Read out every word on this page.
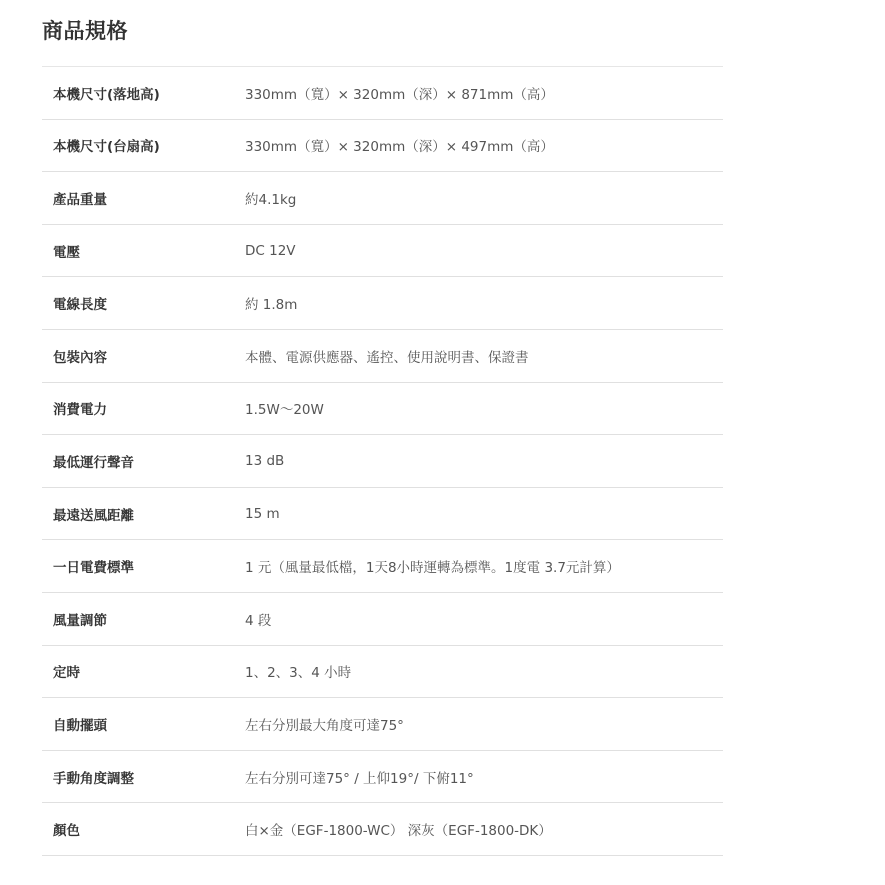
商品規格
本機尺寸(落地高)	330mm（寬）× 320mm（深）× 871mm（高）
本機尺寸(台扇高)	330mm（寬）× 320mm（深）× 497mm（高）
產品重量	約4.1kg
電壓	DC 12V
電線長度	約 1.8m
包裝內容	本體、電源供應器、遙控、使用說明書、保證書
消費電力	1.5W～20W
最低運行聲音	13 dB
最遠送風距離	15 m
一日電費標準	1 元（風量最低檔，1天8小時運轉為標準。1度電 3.7元計算）
風量調節	4 段
定時	1、2、3、4 小時
自動擺頭	左右分別最大角度可達75°
手動角度調整	左右分別可達75° / 上仰19°/ 下俯11°
顏色	白×金（EGF-1800-WC） 深灰（EGF-1800-DK）
